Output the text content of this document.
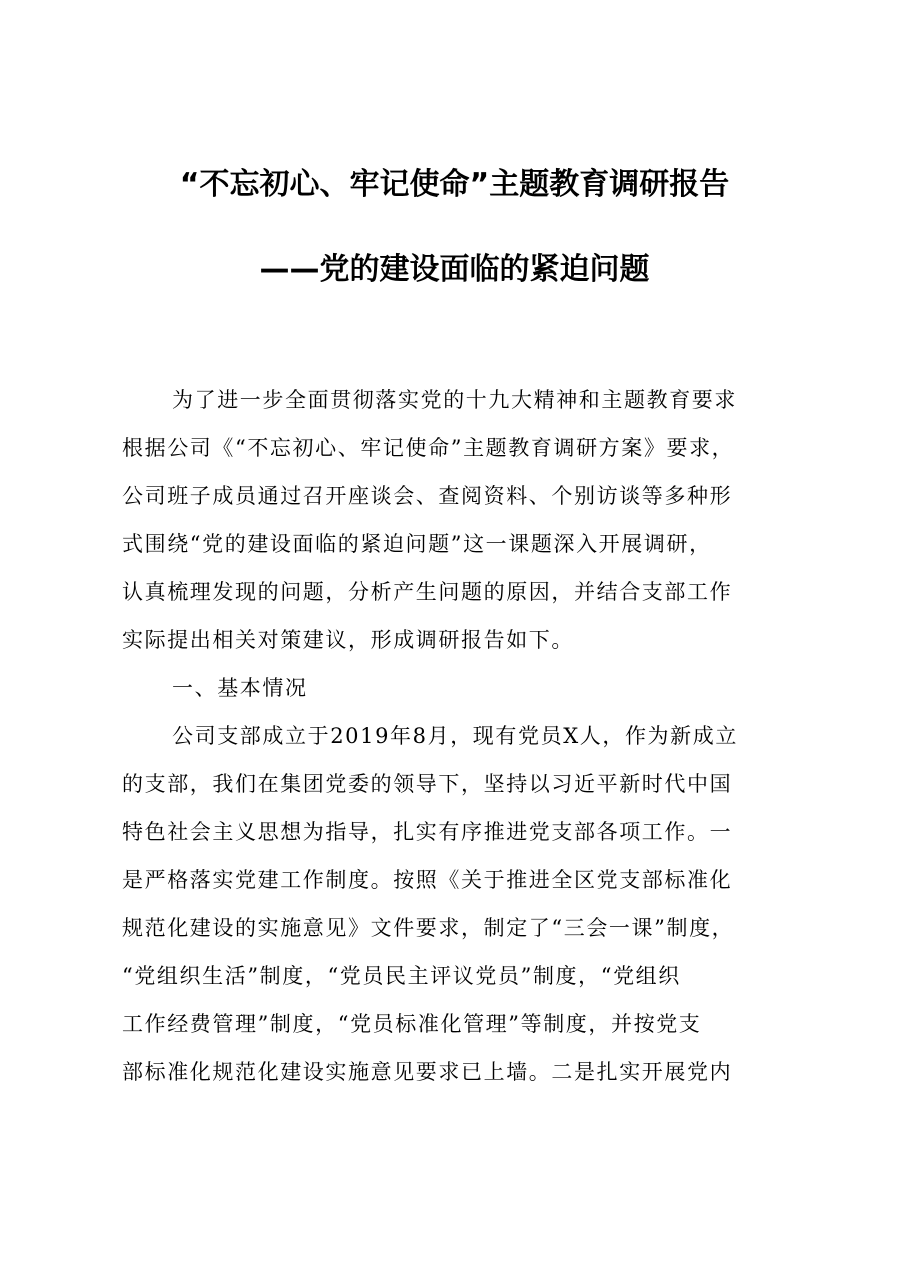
“不忘初心、牢记使命”主题教育调研报告
——党的建设面临的紧迫问题
为了进一步全面贯彻落实党的十九大精神和主题教育要求
根据公司《“不忘初心、牢记使命”主题教育调研方案》要求，
公司班子成员通过召开座谈会、查阅资料、个别访谈等多种形
式围绕“党的建设面临的紧迫问题”这一课题深入开展调研，
认真梳理发现的问题，分析产生问题的原因，并结合支部工作
实际提出相关对策建议，形成调研报告如下。
一、基本情况
公司支部成立于2019年8月，现有党员X人，作为新成立
的支部，我们在集团党委的领导下，坚持以习近平新时代中国
特色社会主义思想为指导，扎实有序推进党支部各项工作。一
是严格落实党建工作制度。按照《关于推进全区党支部标准化
规范化建设的实施意见》文件要求，制定了“三会一课”制度，
“党组织生活”制度，“党员民主评议党员”制度，“党组织
工作经费管理”制度，“党员标准化管理”等制度，并按党支
部标准化规范化建设实施意见要求已上墙。二是扎实开展党内
